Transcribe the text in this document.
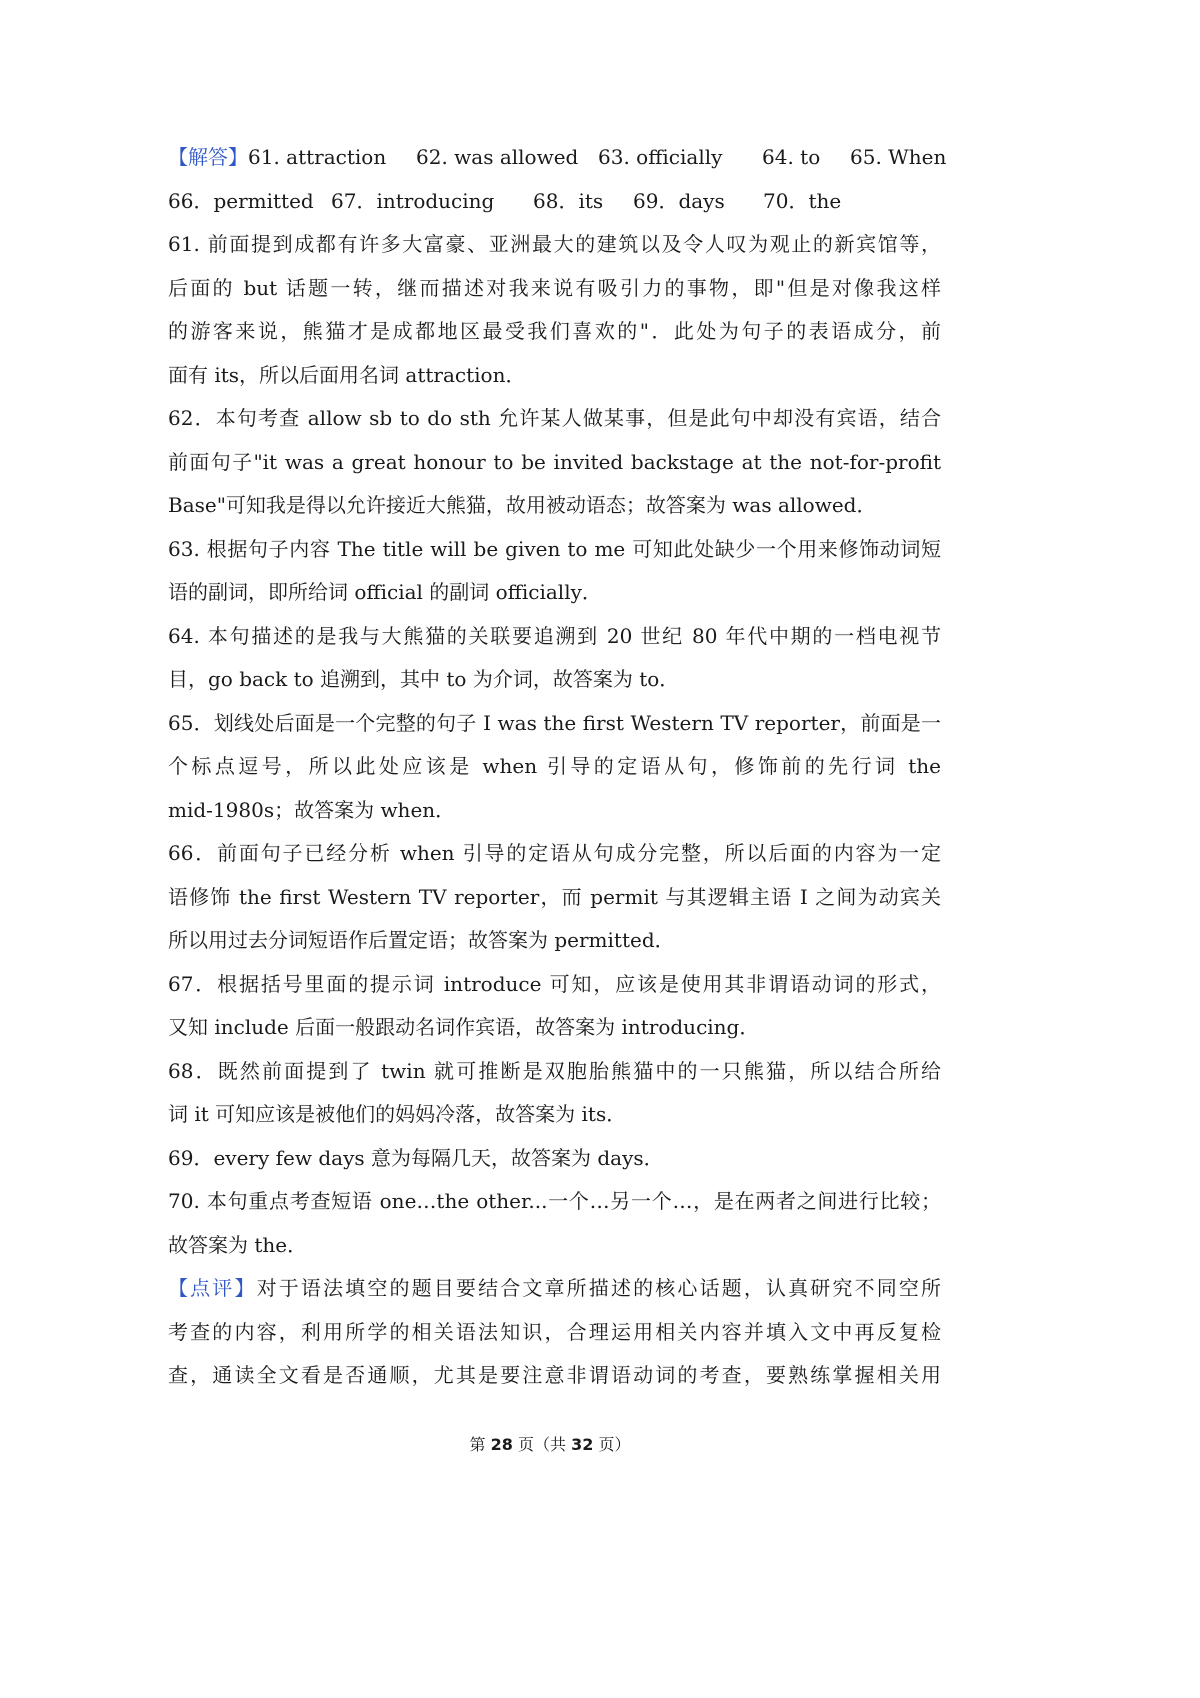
【解答】61. attraction 62. was allowed 63. officially 64. to 65. When
66．permitted 67．introducing 68．its 69．days 70．the
61. 前面提到成都有许多大富豪、亚洲最大的建筑以及令人叹为观止的新宾馆等，
后面的 but 话题一转，继而描述对我来说有吸引力的事物，即"但是对像我这样
的游客来说，熊猫才是成都地区最受我们喜欢的"．此处为句子的表语成分，前
面有 its，所以后面用名词 attraction．
62．本句考查 allow sb to do sth 允许某人做某事，但是此句中却没有宾语，结合
前面句子"it was a great honour to be invited backstage at the not-for-profit
Base"可知我是得以允许接近大熊猫，故用被动语态；故答案为 was allowed．
63. 根据句子内容 The title will be given to me 可知此处缺少一个用来修饰动词短
语的副词，即所给词 official 的副词 officially．
64. 本句描述的是我与大熊猫的关联要追溯到 20 世纪 80 年代中期的一档电视节
目，go back to 追溯到，其中 to 为介词，故答案为 to．
65．划线处后面是一个完整的句子 I was the first Western TV reporter，前面是一
个标点逗号，所以此处应该是 when 引导的定语从句，修饰前的先行词 the
mid-1980s；故答案为 when．
66．前面句子已经分析 when 引导的定语从句成分完整，所以后面的内容为一定
语修饰 the first Western TV reporter，而 permit 与其逻辑主语 I 之间为动宾关
所以用过去分词短语作后置定语；故答案为 permitted．
67．根据括号里面的提示词 introduce 可知，应该是使用其非谓语动词的形式，
又知 include 后面一般跟动名词作宾语，故答案为 introducing．
68．既然前面提到了 twin 就可推断是双胞胎熊猫中的一只熊猫，所以结合所给
词 it 可知应该是被他们的妈妈冷落，故答案为 its．
69．every few days 意为每隔几天，故答案为 days．
70. 本句重点考查短语 one…the other...一个…另一个…，是在两者之间进行比较；
故答案为 the．
【点评】对于语法填空的题目要结合文章所描述的核心话题，认真研究不同空所
考查的内容，利用所学的相关语法知识，合理运用相关内容并填入文中再反复检
查，通读全文看是否通顺，尤其是要注意非谓语动词的考查，要熟练掌握相关用
第 28 页（共 32 页）
